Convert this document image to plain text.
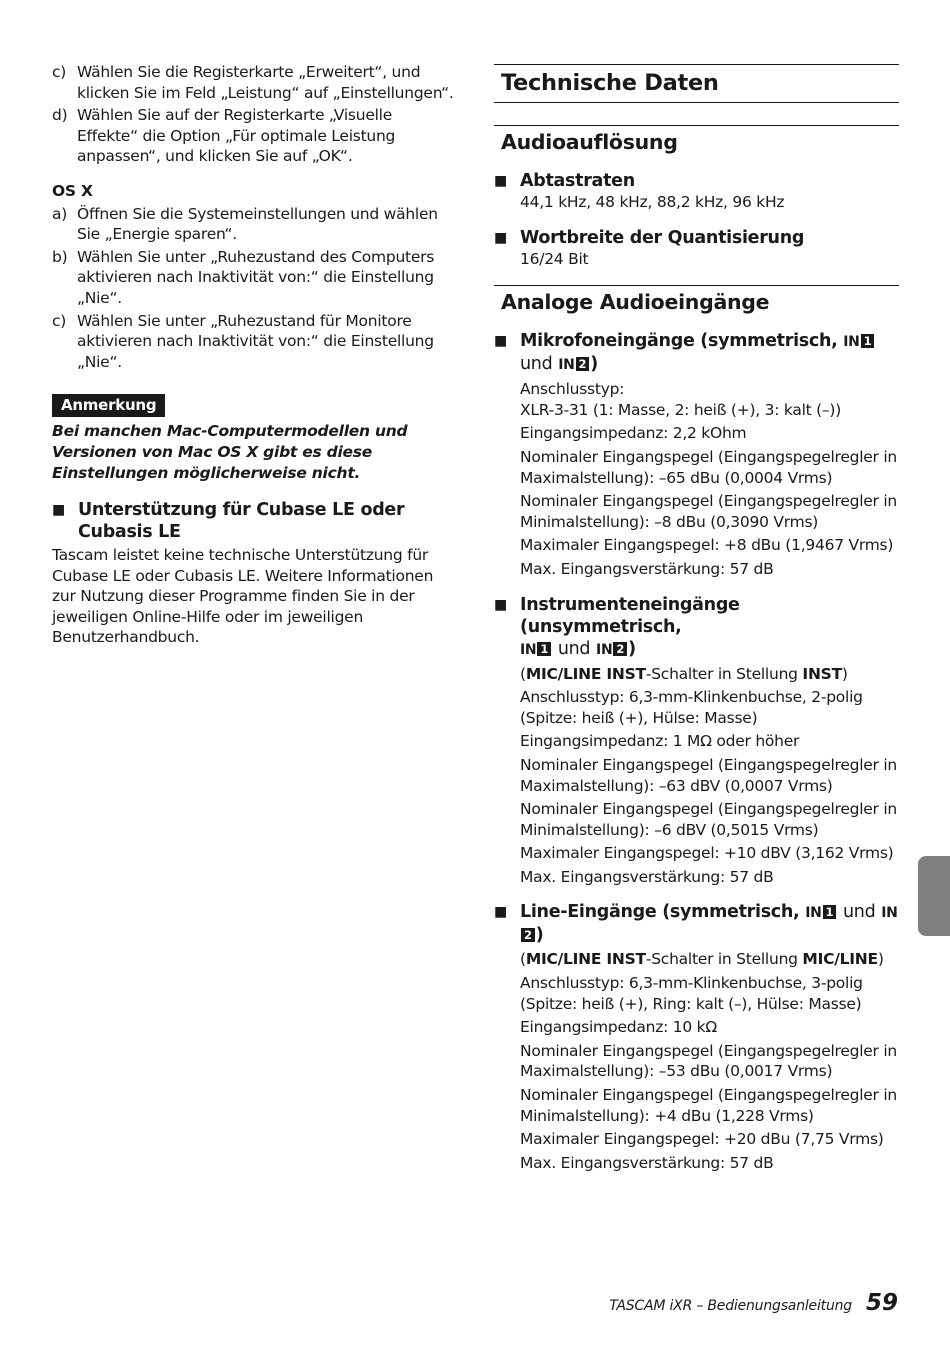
c) Wählen Sie die Registerkarte „Erweitert“, und klicken Sie im Feld „Leistung“ auf „Einstellungen“.
d) Wählen Sie auf der Registerkarte „Visuelle Effekte“ die Option „Für optimale Leistung anpassen“, und klicken Sie auf „OK“.
OS X
a) Öffnen Sie die Systemeinstellungen und wählen Sie „Energie sparen“.
b) Wählen Sie unter „Ruhezustand des Computers aktivieren nach Inaktivität von:“ die Einstellung „Nie“.
c) Wählen Sie unter „Ruhezustand für Monitore aktivieren nach Inaktivität von:“ die Einstellung „Nie“.
Anmerkung
Bei manchen Mac-Computermodellen und Versionen von Mac OS X gibt es diese Einstellungen möglicherweise nicht.
■ Unterstützung für Cubase LE oder Cubasis LE
Tascam leistet keine technische Unterstützung für Cubase LE oder Cubasis LE. Weitere Informationen zur Nutzung dieser Programme finden Sie in der jeweiligen Online-Hilfe oder im jeweiligen Benutzerhandbuch.
Technische Daten
Audioauflösung
■ Abtastraten

44,1 kHz, 48 kHz, 88,2 kHz, 96 kHz

■ Wortbreite der Quantisierung

16/24 Bit

Analoge Audioeingänge
■ Mikrofoneingänge (symmetrisch, IN 1 und IN 2 )

Anschlusstyp:

XLR-3-31 (1: Masse, 2: heiß (+), 3: kalt (–))

Eingangsimpedanz: 2,2 kOhm

Nominaler Eingangspegel (Eingangspegelregler in Maximalstellung): –65 dBu (0,0004 Vrms)

Nominaler Eingangspegel (Eingangspegelregler in Minimalstellung): –8 dBu (0,3090 Vrms)

Maximaler Eingangspegel: +8 dBu (1,9467 Vrms)

Max. Eingangsverstärkung: 57 dB

■ Instrumenteneingänge (unsymmetrisch,
IN 1 und IN 2 )

(MIC/LINE INST-Schalter in Stellung INST)

Anschlusstyp: 6,3-mm-Klinkenbuchse, 2-polig (Spitze: heiß (+), Hülse: Masse)

Eingangsimpedanz: 1 MΩ oder höher

Nominaler Eingangspegel (Eingangspegelregler in Maximalstellung): –63 dBV (0,0007 Vrms)

Nominaler Eingangspegel (Eingangspegelregler in Minimalstellung): –6 dBV (0,5015 Vrms)

Maximaler Eingangspegel: +10 dBV (3,162 Vrms)

Max. Eingangsverstärkung: 57 dB

■ Line-Eingänge (symmetrisch, IN 1 und IN2 )

(MIC/LINE INST-Schalter in Stellung MIC/LINE)

Anschlusstyp: 6,3-mm-Klinkenbuchse, 3-polig (Spitze: heiß (+), Ring: kalt (–), Hülse: Masse)

Eingangsimpedanz: 10 kΩ

Nominaler Eingangspegel (Eingangspegelregler in Maximalstellung): –53 dBu (0,0017 Vrms)

Nominaler Eingangspegel (Eingangspegelregler in Minimalstellung): +4 dBu (1,228 Vrms)

Maximaler Eingangspegel: +20 dBu (7,75 Vrms)

Max. Eingangsverstärkung: 57 dB

TASCAM iXR – Bedienungsanleitung 59
